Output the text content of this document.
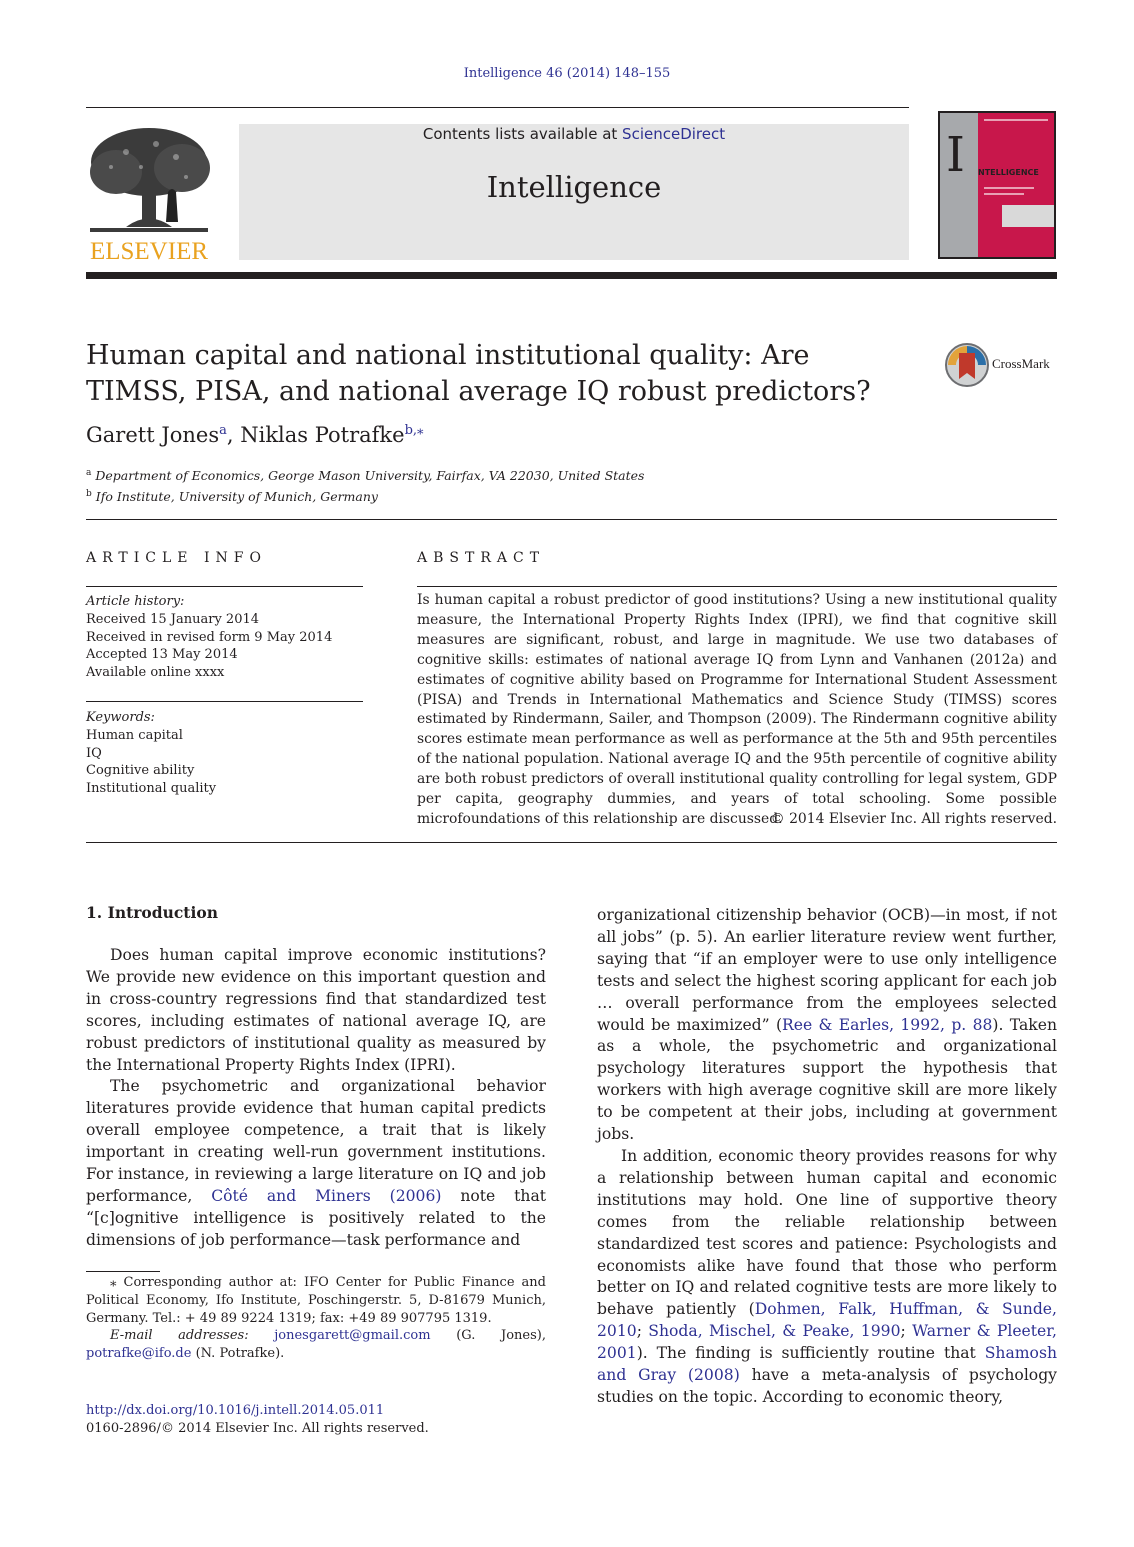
Intelligence 46 (2014) 148–155
ELSEVIER
Contents lists available at ScienceDirect
Intelligence
I NTELLIGENCE
Human capital and national institutional quality: Are TIMSS, PISA, and national average IQ robust predictors?
CrossMark
Garett Jones$^a$, Niklas Potrafke$^{b,⁎}$
$^a$ Department of Economics, George Mason University, Fairfax, VA 22030, United States
$^b$ Ifo Institute, University of Munich, Germany
ARTICLE INFO	ABSTRACT
Article history:
Received 15 January 2014
Received in revised form 9 May 2014
Accepted 13 May 2014
Available online xxxx
Keywords:
Human capital
IQ
Cognitive ability
Institutional quality
Is human capital a robust predictor of good institutions? Using a new institutional quality measure, the International Property Rights Index (IPRI), we find that cognitive skill measures are significant, robust, and large in magnitude. We use two databases of cognitive skills: estimates of national average IQ from Lynn and Vanhanen (2012a) and estimates of cognitive ability based on Programme for International Student Assessment (PISA) and Trends in International Mathematics and Science Study (TIMSS) scores estimated by Rindermann, Sailer, and Thompson (2009). The Rindermann cognitive ability scores estimate mean performance as well as performance at the 5th and 95th percentiles of the national population. National average IQ and the 95th percentile of cognitive ability are both robust predictors of overall institutional quality controlling for legal system, GDP per capita, geography dummies, and years of total schooling. Some possible microfoundations of this relationship are discussed.
© 2014 Elsevier Inc. All rights reserved.
1. Introduction

Does human capital improve economic institutions? We provide new evidence on this important question and in cross-country regressions find that standardized test scores, including estimates of national average IQ, are robust predictors of institutional quality as measured by the International Property Rights Index (IPRI).

The psychometric and organizational behavior literatures provide evidence that human capital predicts overall employee competence, a trait that is likely important in creating well-run government institutions. For instance, in reviewing a large literature on IQ and job performance, Côté and Miners (2006) note that “[c]ognitive intelligence is positively related to the dimensions of job performance—task performance and

organizational citizenship behavior (OCB)—in most, if not all jobs” (p. 5). An earlier literature review went further, saying that “if an employer were to use only intelligence tests and select the highest scoring applicant for each job … overall performance from the employees selected would be maximized” (Ree & Earles, 1992, p. 88). Taken as a whole, the psychometric and organizational psychology literatures support the hypothesis that workers with high average cognitive skill are more likely to be competent at their jobs, including at government jobs.

In addition, economic theory provides reasons for why a relationship between human capital and economic institutions may hold. One line of supportive theory comes from the reliable relationship between standardized test scores and patience: Psychologists and economists alike have found that those who perform better on IQ and related cognitive tests are more likely to behave patiently (Dohmen, Falk, Huffman, & Sunde, 2010; Shoda, Mischel, & Peake, 1990; Warner & Pleeter, 2001). The finding is sufficiently routine that Shamosh and Gray (2008) have a meta-analysis of psychology studies on the topic. According to economic theory,

⁎ Corresponding author at: IFO Center for Public Finance and Political Economy, Ifo Institute, Poschingerstr. 5, D-81679 Munich, Germany. Tel.: + 49 89 9224 1319; fax: +49 89 907795 1319.

E-mail addresses: jonesgarett@gmail.com (G. Jones), potrafke@ifo.de (N. Potrafke).

http://dx.doi.org/10.1016/j.intell.2014.05.011
0160-2896/© 2014 Elsevier Inc. All rights reserved.
